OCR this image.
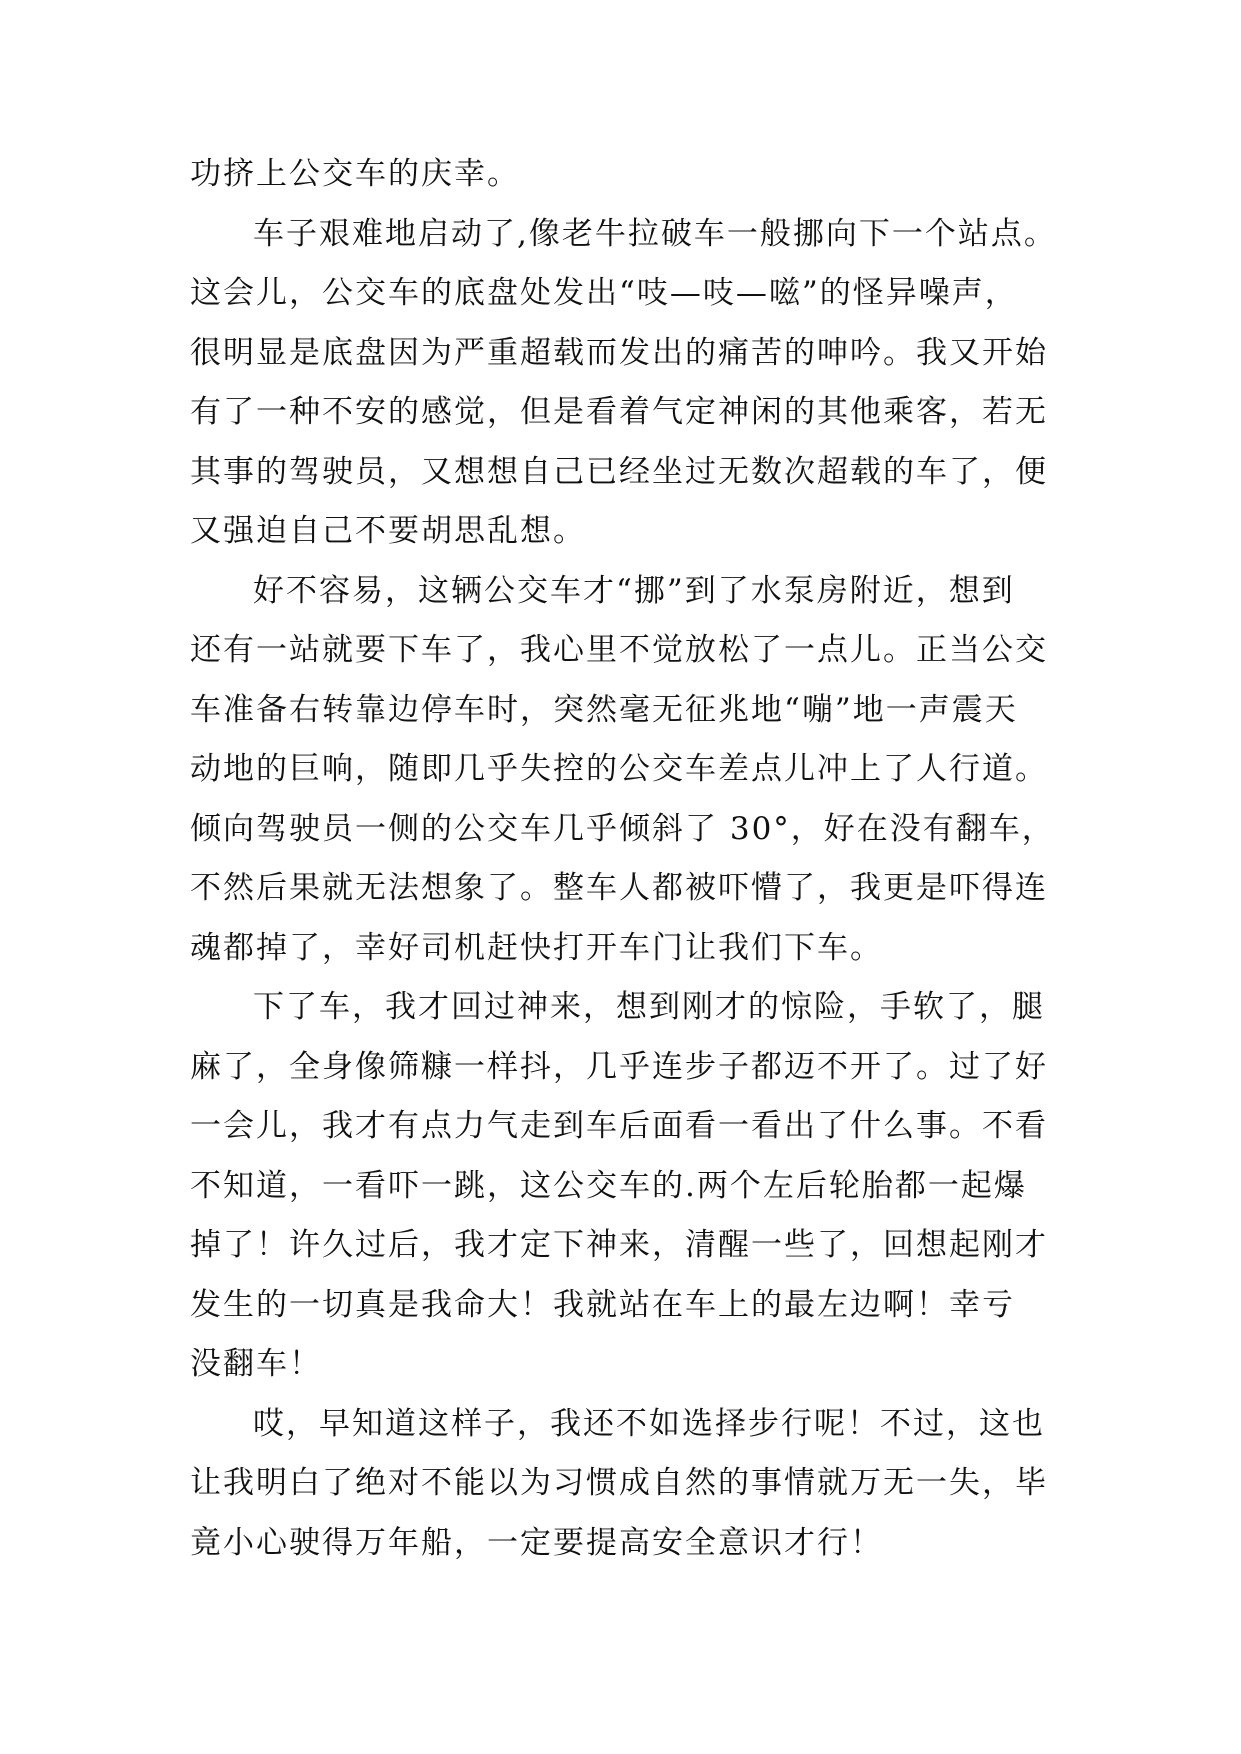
功挤上公交车的庆幸。
车子艰难地启动了,像老牛拉破车一般挪向下一个站点。
这会儿，公交车的底盘处发出“吱—吱—嗞”的怪异噪声，
很明显是底盘因为严重超载而发出的痛苦的呻吟。我又开始
有了一种不安的感觉，但是看着气定神闲的其他乘客，若无
其事的驾驶员，又想想自己已经坐过无数次超载的车了，便
又强迫自己不要胡思乱想。
好不容易，这辆公交车才“挪”到了水泵房附近，想到
还有一站就要下车了，我心里不觉放松了一点儿。正当公交
车准备右转靠边停车时，突然毫无征兆地“嘣”地一声震天
动地的巨响，随即几乎失控的公交车差点儿冲上了人行道。
倾向驾驶员一侧的公交车几乎倾斜了 30°，好在没有翻车，
不然后果就无法想象了。整车人都被吓懵了，我更是吓得连
魂都掉了，幸好司机赶快打开车门让我们下车。
下了车，我才回过神来，想到刚才的惊险，手软了，腿
麻了，全身像筛糠一样抖，几乎连步子都迈不开了。过了好
一会儿，我才有点力气走到车后面看一看出了什么事。不看
不知道，一看吓一跳，这公交车的.两个左后轮胎都一起爆
掉了！许久过后，我才定下神来，清醒一些了，回想起刚才
发生的一切真是我命大！我就站在车上的最左边啊！幸亏
没翻车！
哎，早知道这样子，我还不如选择步行呢！不过，这也
让我明白了绝对不能以为习惯成自然的事情就万无一失，毕
竟小心驶得万年船，一定要提高安全意识才行！
